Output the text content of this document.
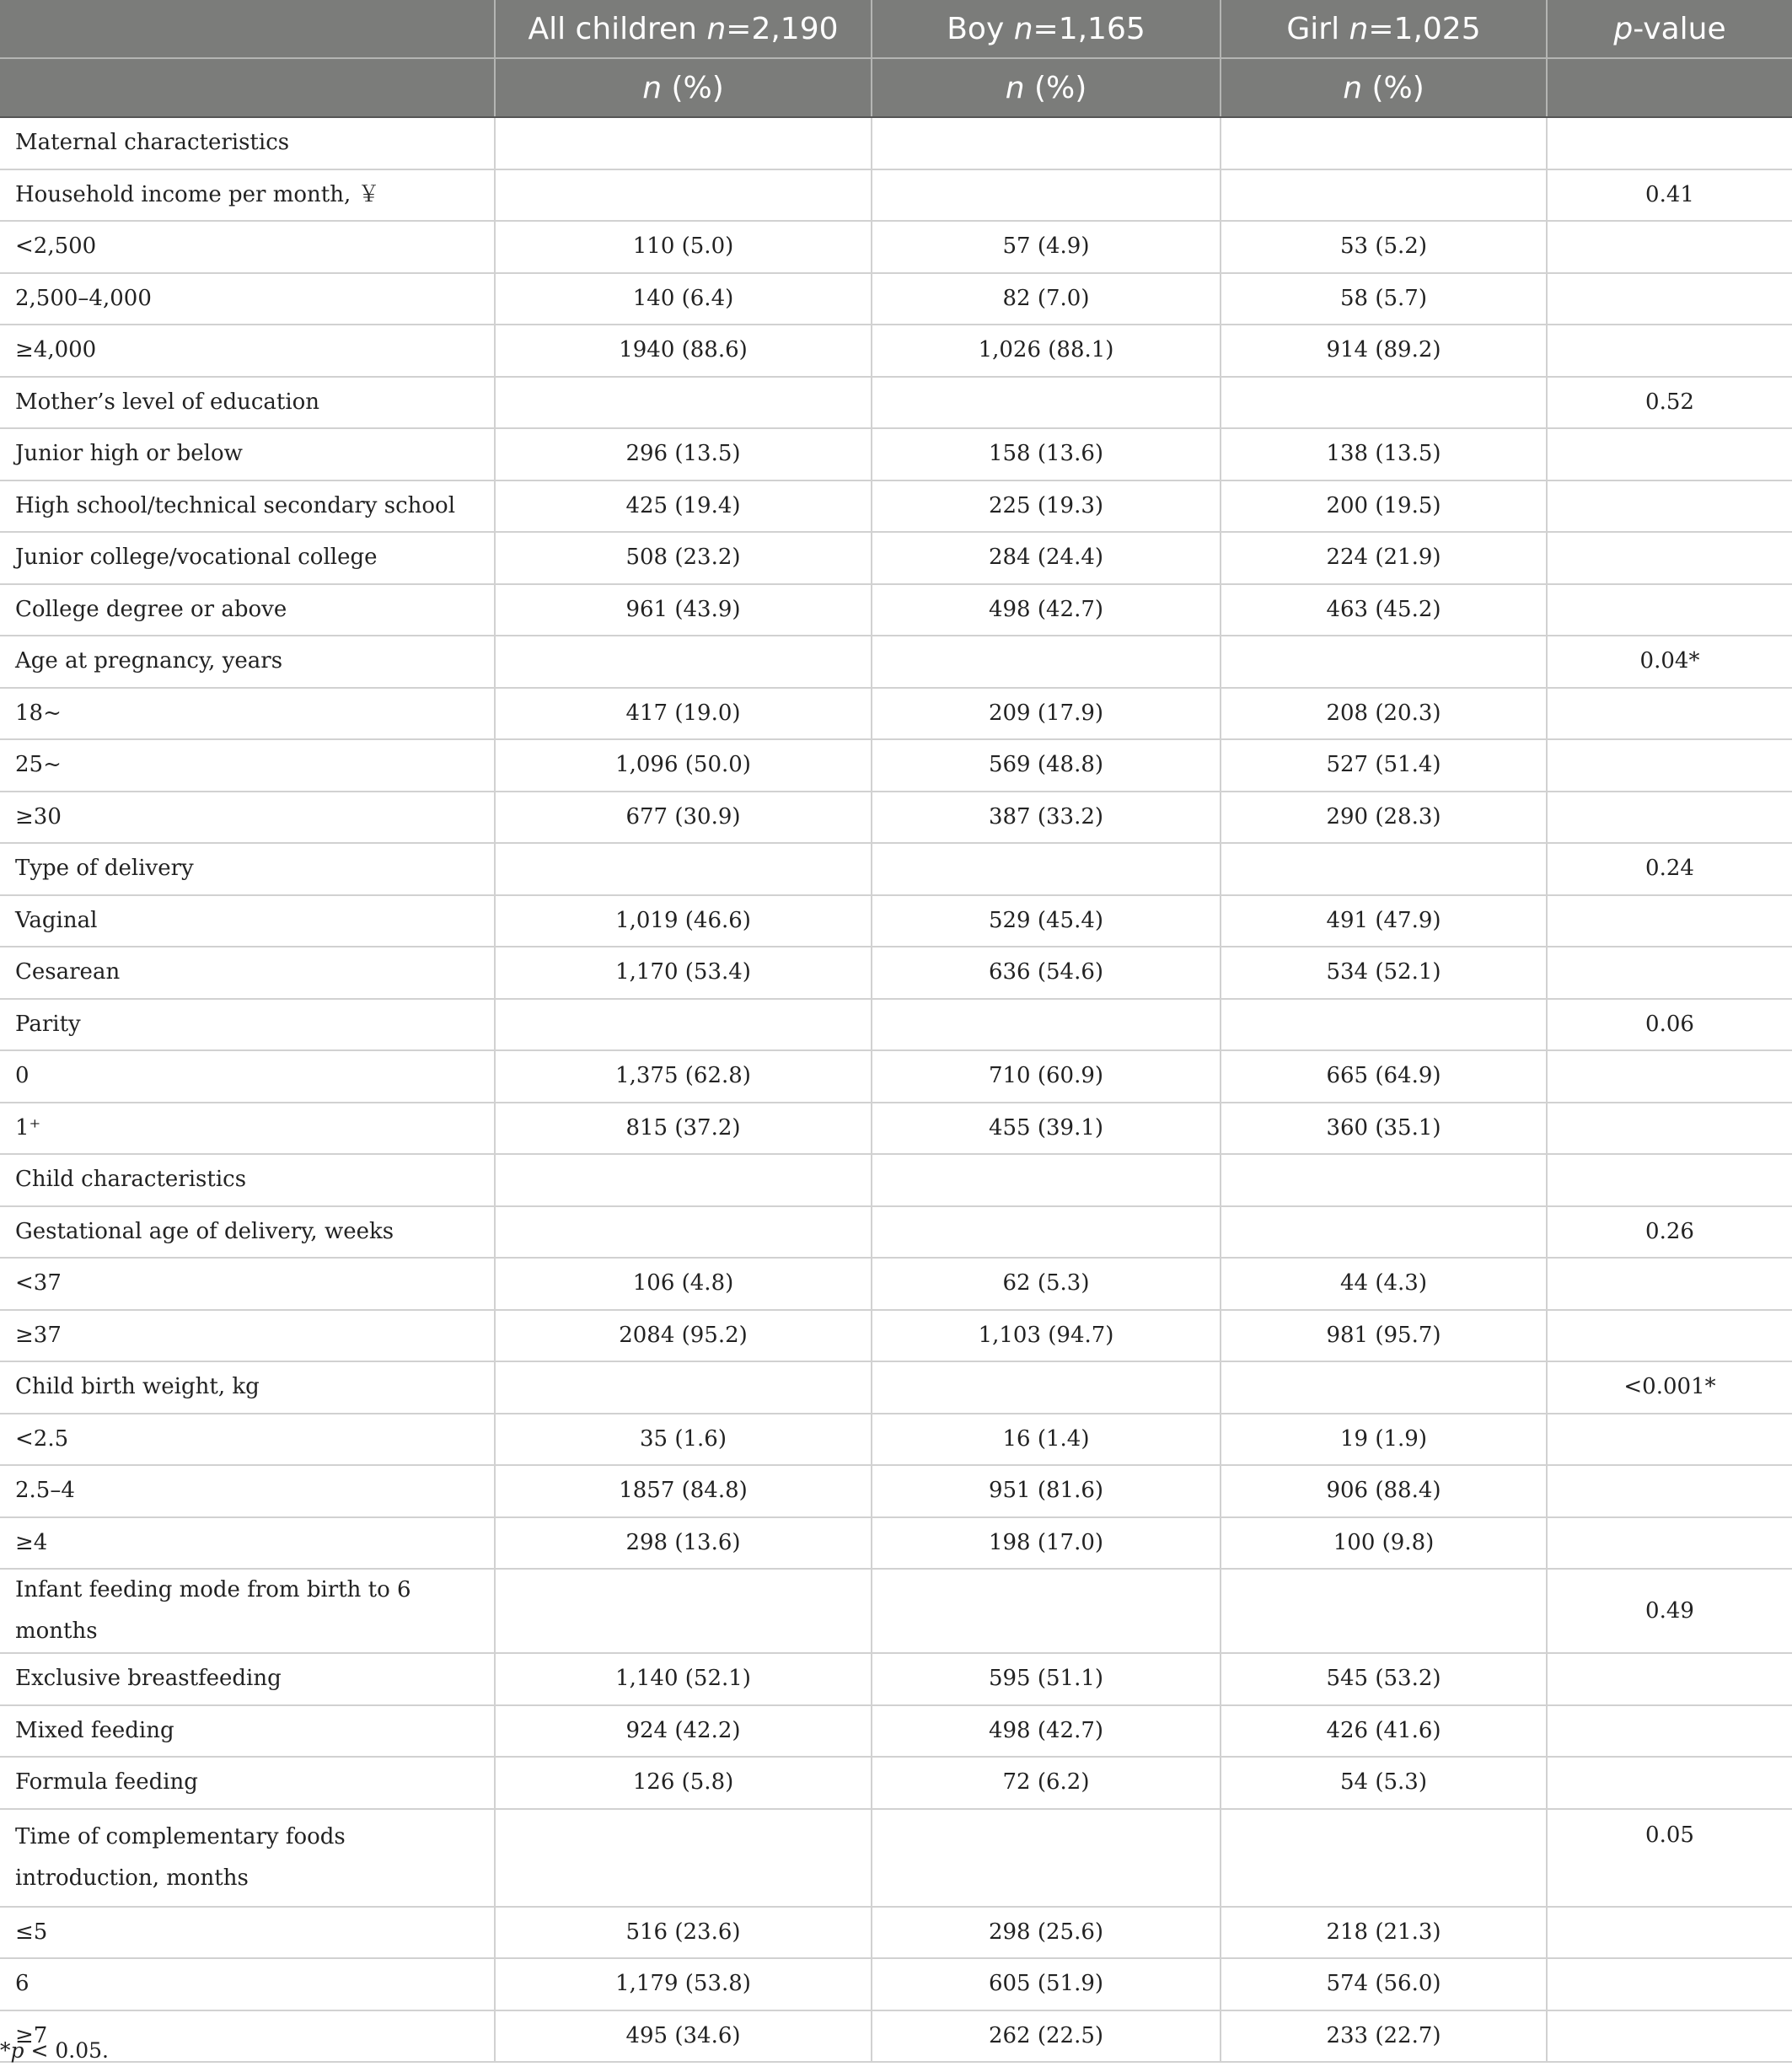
	All children n=2,190	Boy n=1,165	Girl n=1,025	p-value
	n (%)	n (%)	n (%)	
Maternal characteristics				
Household income per month, ￥				0.41
<2,500	110 (5.0)	57 (4.9)	53 (5.2)	
2,500–4,000	140 (6.4)	82 (7.0)	58 (5.7)	
≥4,000	1940 (88.6)	1,026 (88.1)	914 (89.2)	
Mother’s level of education				0.52
Junior high or below	296 (13.5)	158 (13.6)	138 (13.5)	
High school/technical secondary school	425 (19.4)	225 (19.3)	200 (19.5)	
Junior college/vocational college	508 (23.2)	284 (24.4)	224 (21.9)	
College degree or above	961 (43.9)	498 (42.7)	463 (45.2)	
Age at pregnancy, years				0.04*
18~	417 (19.0)	209 (17.9)	208 (20.3)	
25~	1,096 (50.0)	569 (48.8)	527 (51.4)	
≥30	677 (30.9)	387 (33.2)	290 (28.3)	
Type of delivery				0.24
Vaginal	1,019 (46.6)	529 (45.4)	491 (47.9)	
Cesarean	1,170 (53.4)	636 (54.6)	534 (52.1)	
Parity				0.06
0	1,375 (62.8)	710 (60.9)	665 (64.9)	
1⁺	815 (37.2)	455 (39.1)	360 (35.1)	
Child characteristics				
Gestational age of delivery, weeks				0.26
<37	106 (4.8)	62 (5.3)	44 (4.3)	
≥37	2084 (95.2)	1,103 (94.7)	981 (95.7)	
Child birth weight, kg				<0.001*
<2.5	35 (1.6)	16 (1.4)	19 (1.9)	
2.5–4	1857 (84.8)	951 (81.6)	906 (88.4)	
≥4	298 (13.6)	198 (17.0)	100 (9.8)	
Infant feeding mode from birth to 6 months				0.49
Exclusive breastfeeding	1,140 (52.1)	595 (51.1)	545 (53.2)	
Mixed feeding	924 (42.2)	498 (42.7)	426 (41.6)	
Formula feeding	126 (5.8)	72 (6.2)	54 (5.3)	
Time of complementary foods introduction, months				0.05
≤5	516 (23.6)	298 (25.6)	218 (21.3)	
6	1,179 (53.8)	605 (51.9)	574 (56.0)	
≥7	495 (34.6)	262 (22.5)	233 (22.7)	
*p < 0.05.
